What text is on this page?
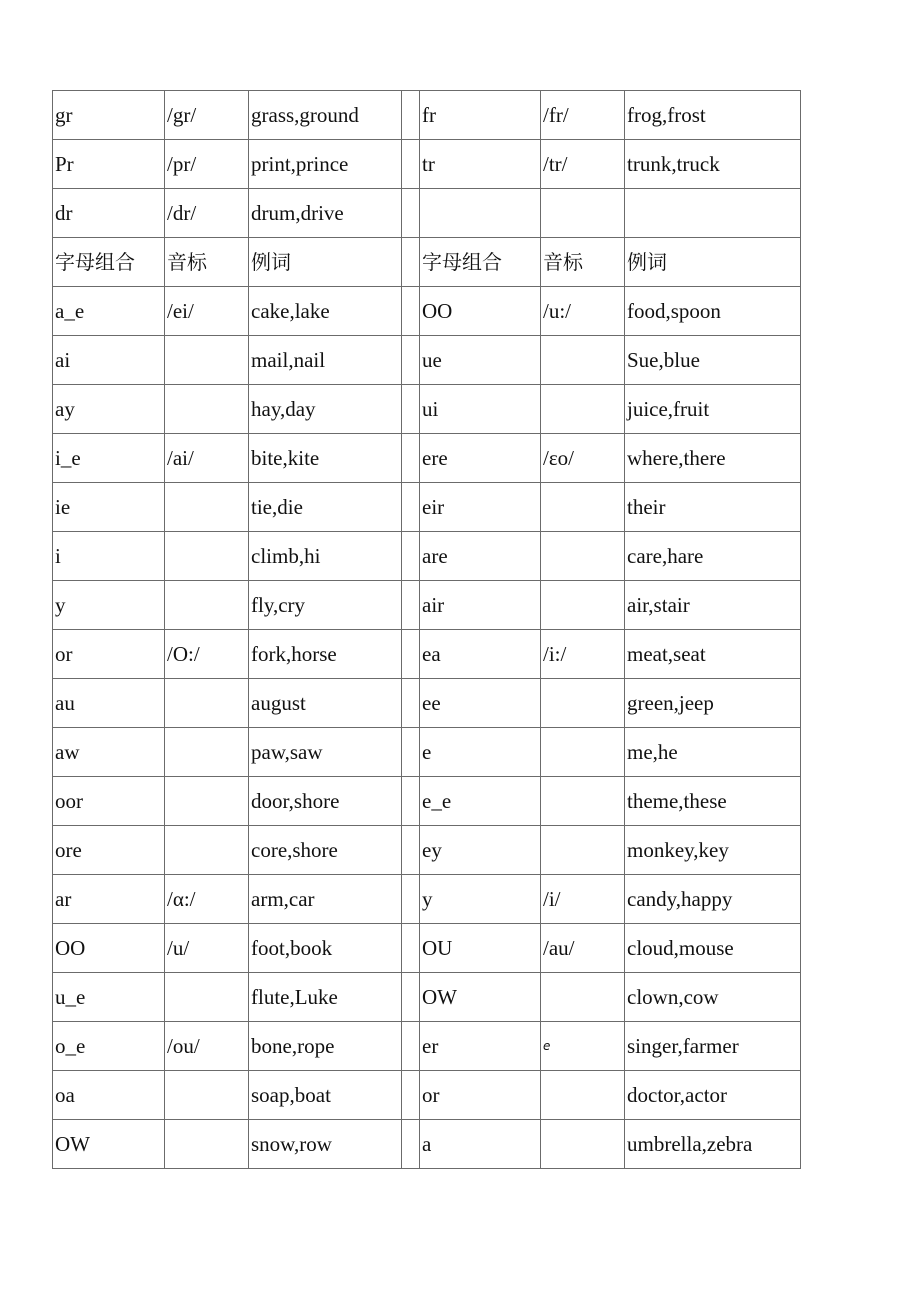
gr	/gr/	grass,ground		fr	/fr/	frog,frost
Pr	/pr/	print,prince		tr	/tr/	trunk,truck
dr	/dr/	drum,drive				
字母组合	音标	例词		字母组合	音标	例词
a_e	/ei/	cake,lake		OO	/u:/	food,spoon
ai		mail,nail		ue		Sue,blue
ay		hay,day		ui		juice,fruit
i_e	/ai/	bite,kite		ere	/εo/	where,there
ie		tie,die		eir		their
i		climb,hi		are		care,hare
y		fly,cry		air		air,stair
or	/O:/	fork,horse		ea	/i:/	meat,seat
au		august		ee		green,jeep
aw		paw,saw		e		me,he
oor		door,shore		e_e		theme,these
ore		core,shore		ey		monkey,key
ar	/α:/	arm,car		y	/i/	candy,happy
OO	/u/	foot,book		OU	/au/	cloud,mouse
u_e		flute,Luke		OW		clown,cow
o_e	/ou/	bone,rope		er	e	singer,farmer
oa		soap,boat		or		doctor,actor
OW		snow,row		a		umbrella,zebra
